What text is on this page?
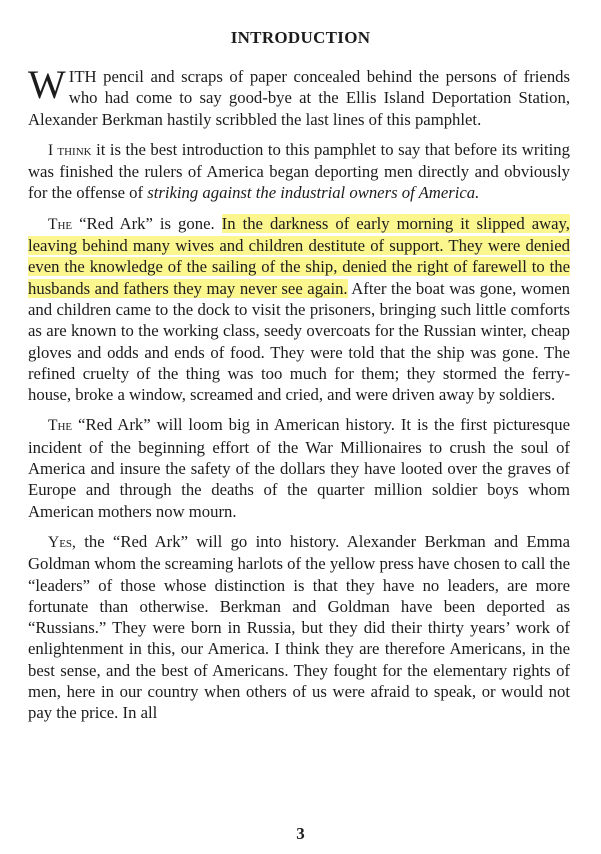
INTRODUCTION

WITH pencil and scraps of paper concealed behind the persons of friends who had come to say good-bye at the Ellis Island Deportation Station, Alexander Berkman hastily scribbled the last lines of this pamphlet.

I think it is the best introduction to this pamphlet to say that before its writing was finished the rulers of America began deporting men directly and obviously for the offense of striking against the industrial owners of America.

The “Red Ark” is gone. In the darkness of early morning it slipped away, leaving behind many wives and children destitute of support. They were denied even the knowledge of the sailing of the ship, denied the right of farewell to the husbands and fathers they may never see again. After the boat was gone, women and children came to the dock to visit the prisoners, bringing such little comforts as are known to the working class, seedy overcoats for the Russian winter, cheap gloves and odds and ends of food. They were told that the ship was gone. The refined cruelty of the thing was too much for them; they stormed the ferry-house, broke a window, screamed and cried, and were driven away by soldiers.

The “Red Ark” will loom big in American history. It is the first picturesque incident of the beginning effort of the War Millionaires to crush the soul of America and insure the safety of the dollars they have looted over the graves of Europe and through the deaths of the quarter million soldier boys whom American mothers now mourn.

Yes, the “Red Ark” will go into history. Alexander Berkman and Emma Goldman whom the screaming harlots of the yellow press have chosen to call the “leaders” of those whose distinction is that they have no leaders, are more fortunate than otherwise. Berkman and Goldman have been deported as “Russians.” They were born in Russia, but they did their thirty years’ work of enlightenment in this, our America. I think they are therefore Americans, in the best sense, and the best of Americans. They fought for the elementary rights of men, here in our country when others of us were afraid to speak, or would not pay the price. In all

3
